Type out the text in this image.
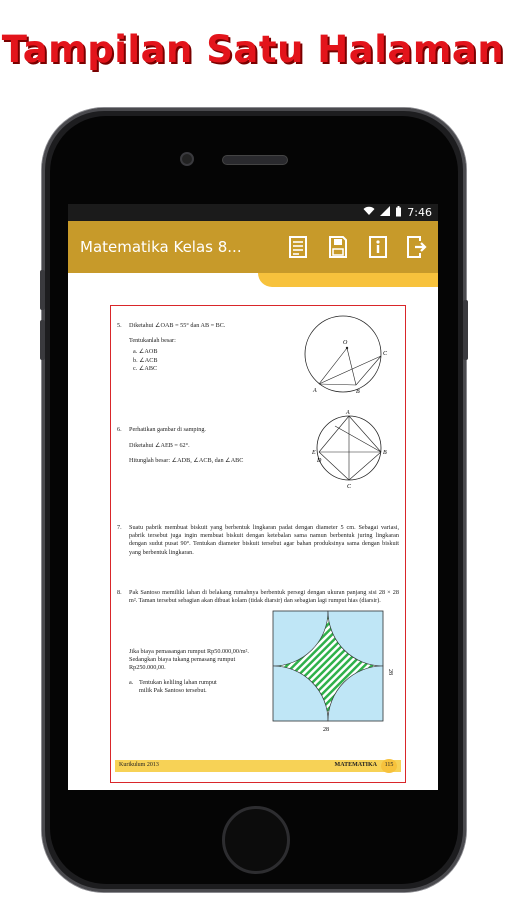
Tampilan Satu Halaman
7:46
Matematika Kelas 8...
5. Diketahui ∠OAB = 55° dan AB = BC.
Tentukanlah besar:
a. ∠AOB
b. ∠ACB
c. ∠ABC
O
C
A	B
6. Perhatikan gambar di samping.
Diketahui ∠AEB = 62°.
Hitunglah besar: ∠ADB, ∠ACB, dan ∠ABC
A
E
D
B
C
7. Suatu pabrik membuat biskuit yang berbentuk lingkaran padat dengan diameter 5 cm. Sebagai variasi, pabrik tersebut juga ingin membuat biskuit dengan ketebalan sama namun berbentuk juring lingkaran dengan sudut pusat 90°. Tentukan diameter biskuit tersebut agar bahan produksinya sama dengan biskuit yang berbentuk lingkaran.
8. Pak Santoso memiliki lahan di belakang rumahnya berbentuk persegi dengan ukuran panjang sisi 28 × 28 m². Taman tersebut sebagian akan dibuat kolam (tidak diarsir) dan sebagian lagi rumput hias (diarsir).
Jika biaya pemasangan rumput Rp50.000,00/m². Sedangkan biaya tukang pemasang rumput Rp250.000,00.
a. Tentukan keliling lahan rumput milik Pak Santoso tersebut.
28
28
Kurikulum 2013	MATEMATIKA	115
